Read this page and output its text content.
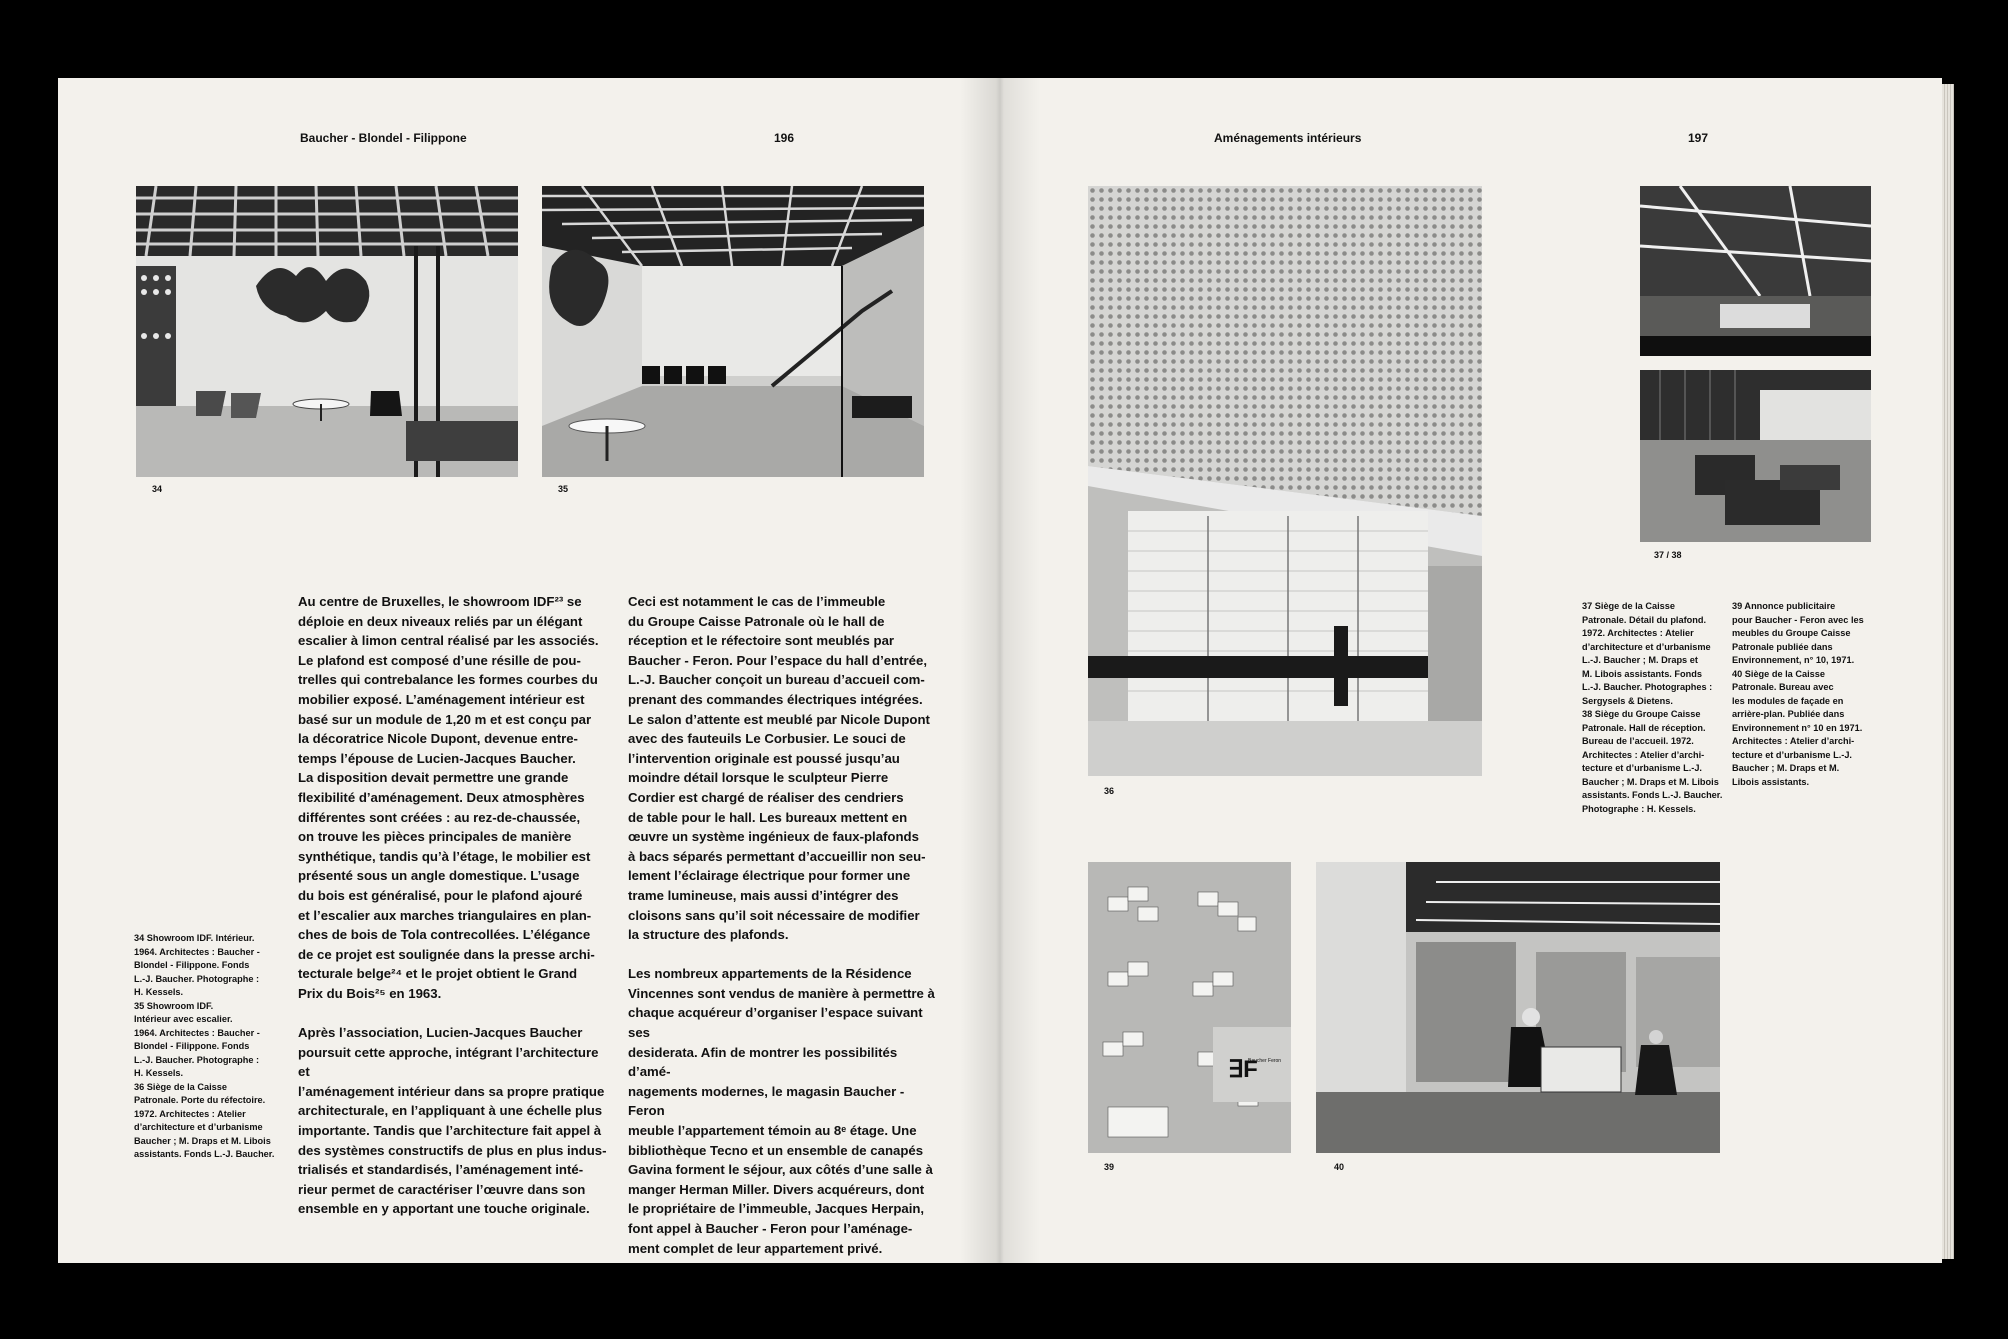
Baucher - Blondel - Filippone	196
34	35
Au centre de Bruxelles, le showroom IDF²³ se
déploie en deux niveaux reliés par un élégant
escalier à limon central réalisé par les associés.
Le plafond est composé d’une résille de pou-
trelles qui contrebalance les formes courbes du
mobilier exposé. L’aménagement intérieur est
basé sur un module de 1,20 m et est conçu par
la décoratrice Nicole Dupont, devenue entre-
temps l’épouse de Lucien-Jacques Baucher.
La disposition devait permettre une grande
flexibilité d’aménagement. Deux atmosphères
différentes sont créées : au rez-de-chaussée,
on trouve les pièces principales de manière
synthétique, tandis qu’à l’étage, le mobilier est
présenté sous un angle domestique. L’usage
du bois est généralisé, pour le plafond ajouré
et l’escalier aux marches triangulaires en plan-
ches de bois de Tola contrecollées. L’élégance
de ce projet est soulignée dans la presse archi-
tecturale belge²⁴ et le projet obtient le Grand
Prix du Bois²⁵ en 1963.

Après l’association, Lucien-Jacques Baucher
poursuit cette approche, intégrant l’architecture et
l’aménagement intérieur dans sa propre pratique
architecturale, en l’appliquant à une échelle plus
importante. Tandis que l’architecture fait appel à
des systèmes constructifs de plus en plus indus-
trialisés et standardisés, l’aménagement inté-
rieur permet de caractériser l’œuvre dans son
ensemble en y apportant une touche originale.
Ceci est notamment le cas de l’immeuble
du Groupe Caisse Patronale où le hall de
réception et le réfectoire sont meublés par
Baucher - Feron. Pour l’espace du hall d’entrée,
L.-J. Baucher conçoit un bureau d’accueil com-
prenant des commandes électriques intégrées.
Le salon d’attente est meublé par Nicole Dupont
avec des fauteuils Le Corbusier. Le souci de
l’intervention originale est poussé jusqu’au
moindre détail lorsque le sculpteur Pierre
Cordier est chargé de réaliser des cendriers
de table pour le hall. Les bureaux mettent en
œuvre un système ingénieux de faux-plafonds
à bacs séparés permettant d’accueillir non seu-
lement l’éclairage électrique pour former une
trame lumineuse, mais aussi d’intégrer des
cloisons sans qu’il soit nécessaire de modifier
la structure des plafonds.

Les nombreux appartements de la Résidence
Vincennes sont vendus de manière à permettre à
chaque acquéreur d’organiser l’espace suivant ses
desiderata. Afin de montrer les possibilités d’amé-
nagements modernes, le magasin Baucher - Feron
meuble l’appartement témoin au 8ᵉ étage. Une
bibliothèque Tecno et un ensemble de canapés
Gavina forment le séjour, aux côtés d’une salle à
manger Herman Miller. Divers acquéreurs, dont
le propriétaire de l’immeuble, Jacques Herpain,
font appel à Baucher - Feron pour l’aménage-
ment complet de leur appartement privé.
34 Showroom IDF. Intérieur.
1964. Architectes : Baucher -
Blondel - Filippone. Fonds
L.-J. Baucher. Photographe :
H. Kessels.
35 Showroom IDF.
Intérieur avec escalier.
1964. Architectes : Baucher -
Blondel - Filippone. Fonds
L.-J. Baucher. Photographe :
H. Kessels.
36 Siège de la Caisse
Patronale. Porte du réfectoire.
1972. Architectes : Atelier
d’architecture et d’urbanisme
Baucher ; M. Draps et M. Libois
assistants. Fonds L.-J. Baucher.
Aménagements intérieurs	197
36
37 / 38
37 Siège de la Caisse
Patronale. Détail du plafond.
1972. Architectes : Atelier
d’architecture et d’urbanisme
L.-J. Baucher ; M. Draps et
M. Libois assistants. Fonds
L.-J. Baucher. Photographes :
Sergysels & Dietens.
38 Siège du Groupe Caisse
Patronale. Hall de réception.
Bureau de l’accueil. 1972.
Architectes : Atelier d’archi-
tecture et d’urbanisme L.-J.
Baucher ; M. Draps et M. Libois
assistants. Fonds L.-J. Baucher.
Photographe : H. Kessels.
39 Annonce publicitaire
pour Baucher - Feron avec les
meubles du Groupe Caisse
Patronale publiée dans
Environnement, n° 10, 1971.
40 Siège de la Caisse
Patronale. Bureau avec
les modules de façade en
arrière-plan. Publiée dans
Environnement n° 10 en 1971.
Architectes : Atelier d’archi-
tecture et d’urbanisme L.-J.
Baucher ; M. Draps et M.
Libois assistants.
∃F
Baucher Feron
39	40
